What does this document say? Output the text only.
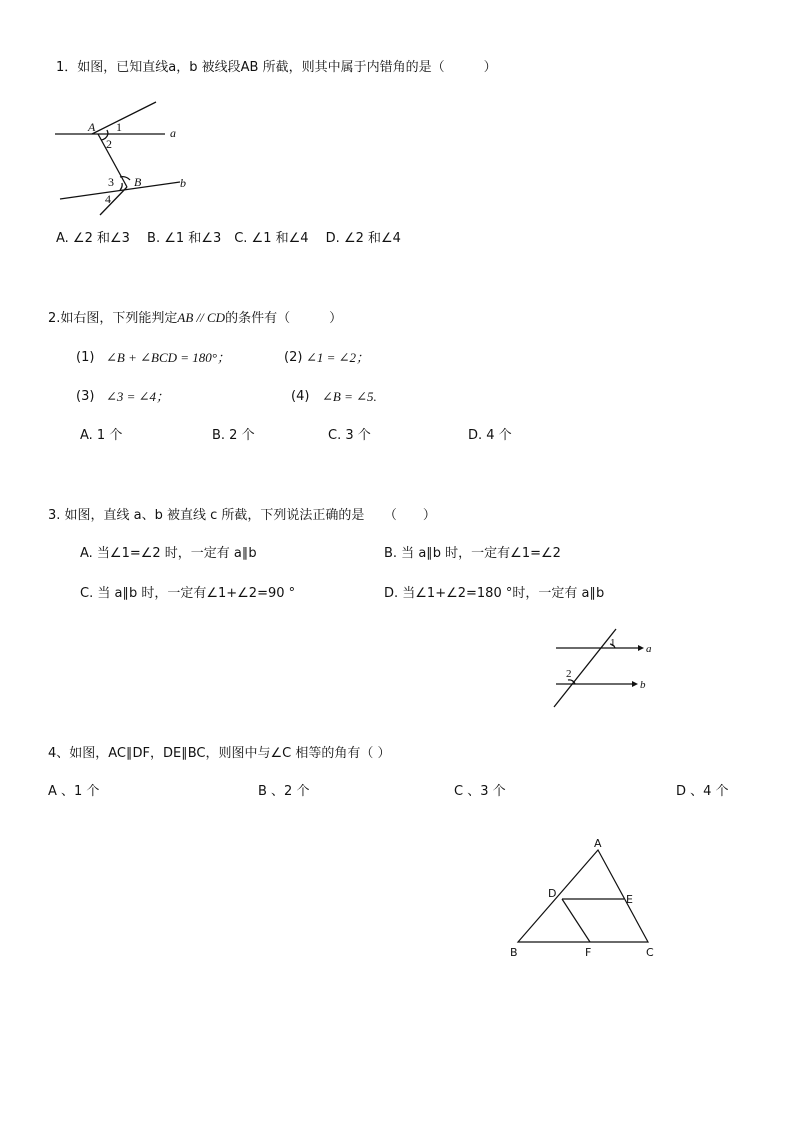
1．如图，已知直线a，b 被线段AB 所截，则其中属于内错角的是（　　　）
A
B
a
b
1
2
3
4
A. ∠2 和∠3　 B. ∠1 和∠3　C. ∠1 和∠4　 D. ∠2 和∠4
2.如右图，下列能判定AB // CD的条件有（　　　）
(1) ∠B + ∠BCD = 180°；	(2) ∠1 = ∠2；
(3) ∠3 = ∠4；	(4) ∠B = ∠5.
A. 1 个	B. 2 个	C. 3 个	D. 4 个
3. 如图，直线 a、b 被直线 c 所截，下列说法正确的是　　（　　）
A. 当∠1=∠2 时，一定有 a∥b	B. 当 a∥b 时，一定有∠1=∠2
C. 当 a∥b 时，一定有∠1+∠2=90 °	D. 当∠1+∠2=180 °时，一定有 a∥b
1
2
a
b
4、如图，AC∥DF，DE∥BC，则图中与∠C 相等的角有（ ）
A 、1 个	B 、2 个	C 、3 个	D 、4 个
A
B	C
D	E
F
